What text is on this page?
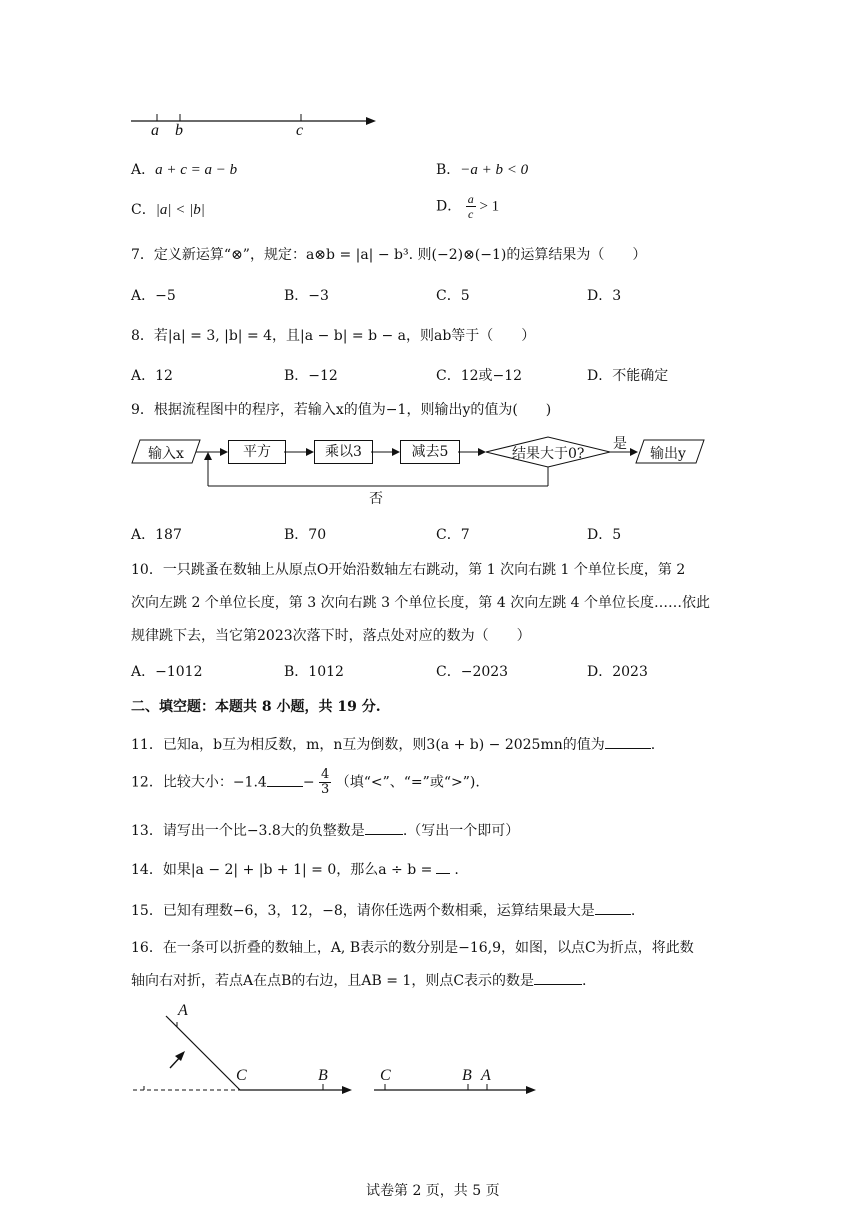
a b	c
A．a + c = a − b	B．−a + b < 0
C．|a| < |b|	D． $\frac{a}{c} > 1$
7．定义新运算“⊗”，规定：a⊗b = |a| − b³. 则(−2)⊗(−1)的运算结果为（　　）
A．−5	B．−3	C．5	D．3
8．若|a| = 3, |b| = 4，且|a − b| = b − a，则ab等于（　　）
A．12	B．−12	C．12或−12	D．不能确定
9．根据流程图中的程序，若输入x的值为−1，则输出y的值为(　　)
输入x	平方	乘以3	减去5	结果大于0?
是
输出y
否
A．187	B．70	C．7	D．5
10．一只跳蚤在数轴上从原点O开始沿数轴左右跳动，第 1 次向右跳 1 个单位长度，第 2
次向左跳 2 个单位长度，第 3 次向右跳 3 个单位长度，第 4 次向左跳 4 个单位长度……依此
规律跳下去，当它第2023次落下时，落点处对应的数为（　　）
A．−1012	B．1012	C．−2023	D．2023
二、填空题：本题共 8 小题，共 19 分.
11．已知a，b互为相反数，m，n互为倒数，则3(a + b) − 2025mn的值为	.
12．比较大小：−1.4	− $\frac{4}{3}$ （填“<”、“=”或“>”).
13．请写出一个比−3.8大的负整数是	.（写出一个即可）
14．如果|a − 2| + |b + 1| = 0，那么a ÷ b = .
15．已知有理数−6，3，12，−8，请你任选两个数相乘，运算结果最大是	.
16．在一条可以折叠的数轴上，A, B表示的数分别是−16,9，如图，以点C为折点，将此数
轴向右对折，若点A在点B的右边，且AB = 1，则点C表示的数是	.
A
C	B	C	B A
试卷第 2 页，共 5 页
